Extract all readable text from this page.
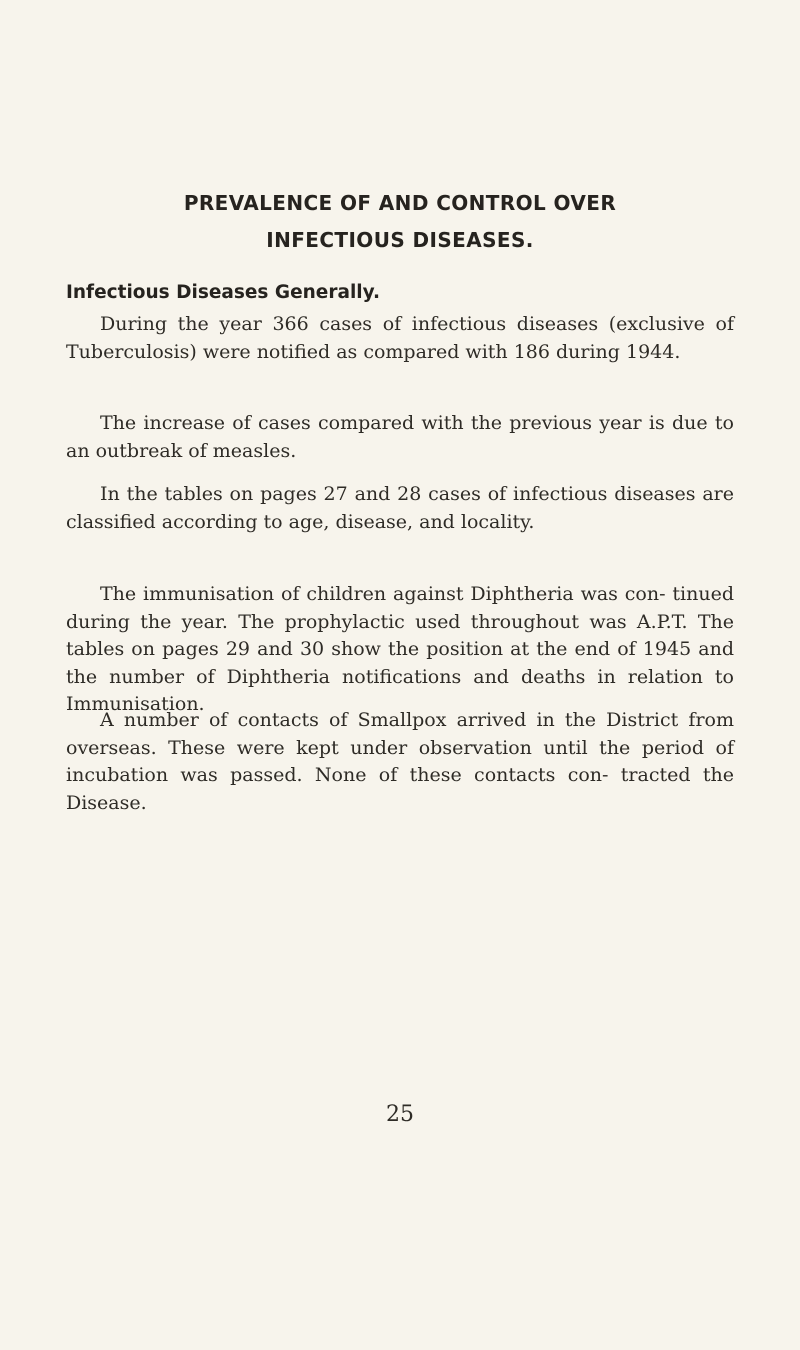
PREVALENCE OF AND CONTROL OVER
INFECTIOUS DISEASES.
Infectious Diseases Generally.

During the year 366 cases of infectious diseases (exclusive of Tuberculosis) were notified as compared with 186 during 1944.

The increase of cases compared with the previous year is due to an outbreak of measles.

In the tables on pages 27 and 28 cases of infectious diseases are classified according to age, disease, and locality.

The immunisation of children against Diphtheria was con- tinued during the year. The prophylactic used throughout was A.P.T. The tables on pages 29 and 30 show the position at the end of 1945 and the number of Diphtheria notifications and deaths in relation to Immunisation.

A number of contacts of Smallpox arrived in the District from overseas. These were kept under observation until the period of incubation was passed. None of these contacts con- tracted the Disease.

25
